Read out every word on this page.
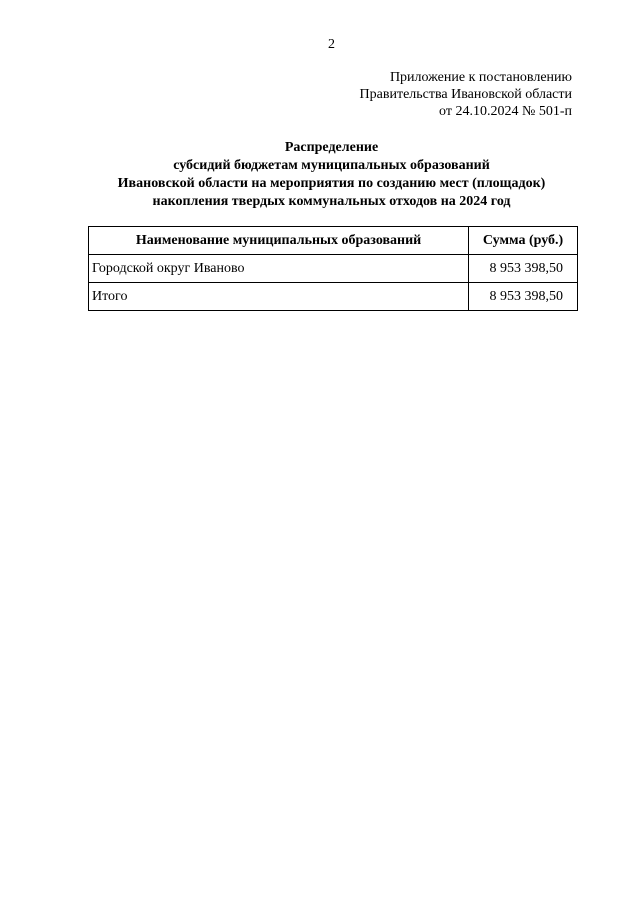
2
Приложение к постановлению
Правительства Ивановской области
от 24.10.2024 № 501-п
Распределение
субсидий бюджетам муниципальных образований
Ивановской области на мероприятия по созданию мест (площадок)
накопления твердых коммунальных отходов на 2024 год
Наименование муниципальных образований	Сумма (руб.)
Городской округ Иваново	8 953 398,50
Итого	8 953 398,50
